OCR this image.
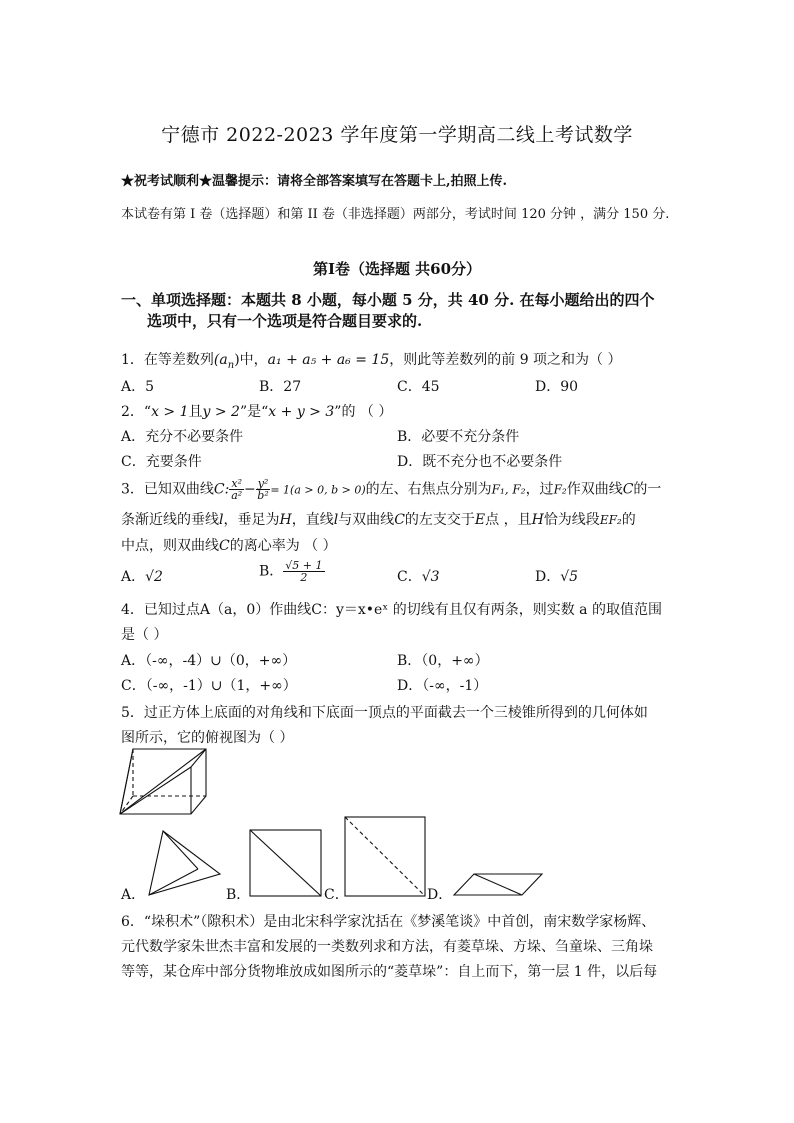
宁德市 2022-2023 学年度第一学期高二线上考试数学
★祝考试顺利★温馨提示：请将全部答案填写在答题卡上,拍照上传.
本试卷有第 I 卷（选择题）和第 II 卷（非选择题）两部分，考试时间 120 分钟 ，满分 150 分.
第I卷（选择题 共60分）
一、单项选择题：本题共 8 小题，每小题 5 分，共 40 分. 在每小题给出的四个
选项中，只有一个选项是符合题目要求的.
1．在等差数列$(a_n)$中，a₁ + a₅ + a₆ = 15，则此等差数列的前 9 项之和为（ ）
A．5	B．27	C．45	D．90
2．“x > 1且y > 2”是“x + y > 3”的 （ ）
A．充分不必要条件	B．必要不充分条件
C．充要条件	D．既不充分也不必要条件
3．已知双曲线C: $\frac{\text{x²}}{\text{a²}} - \frac{\text{y²}}{\text{b²}} = 1(a > 0$, b > 0)的左、右焦点分别为F₁, F₂，过F₂作双曲线C的一
条渐近线的垂线l，垂足为H，直线l与双曲线C的左支交于E点 ，且H恰为线段EF₂的
中点，则双曲线C的离心率为 （ ）
A．√2	B． $\frac{√5 + 1}{2}$	C．√3	D．√5
4．已知过点A（a，0）作曲线C：y＝x•eˣ 的切线有且仅有两条，则实数 a 的取值范围
是（ ）
A．（-∞，-4）∪（0，+∞）	B．（0，+∞）
C．（-∞，-1）∪（1，+∞）	D．（-∞，-1）
5．过正方体上底面的对角线和下底面一顶点的平面截去一个三棱锥所得到的几何体如
图所示，它的俯视图为（ ）
A．	B．	C．	D．
6．“垛积术”（隙积术）是由北宋科学家沈括在《梦溪笔谈》中首创，南宋数学家杨辉、
元代数学家朱世杰丰富和发展的一类数列求和方法，有菱草垛、方垛、刍童垛、三角垛
等等，某仓库中部分货物堆放成如图所示的“菱草垛”：自上而下，第一层 1 件，以后每
